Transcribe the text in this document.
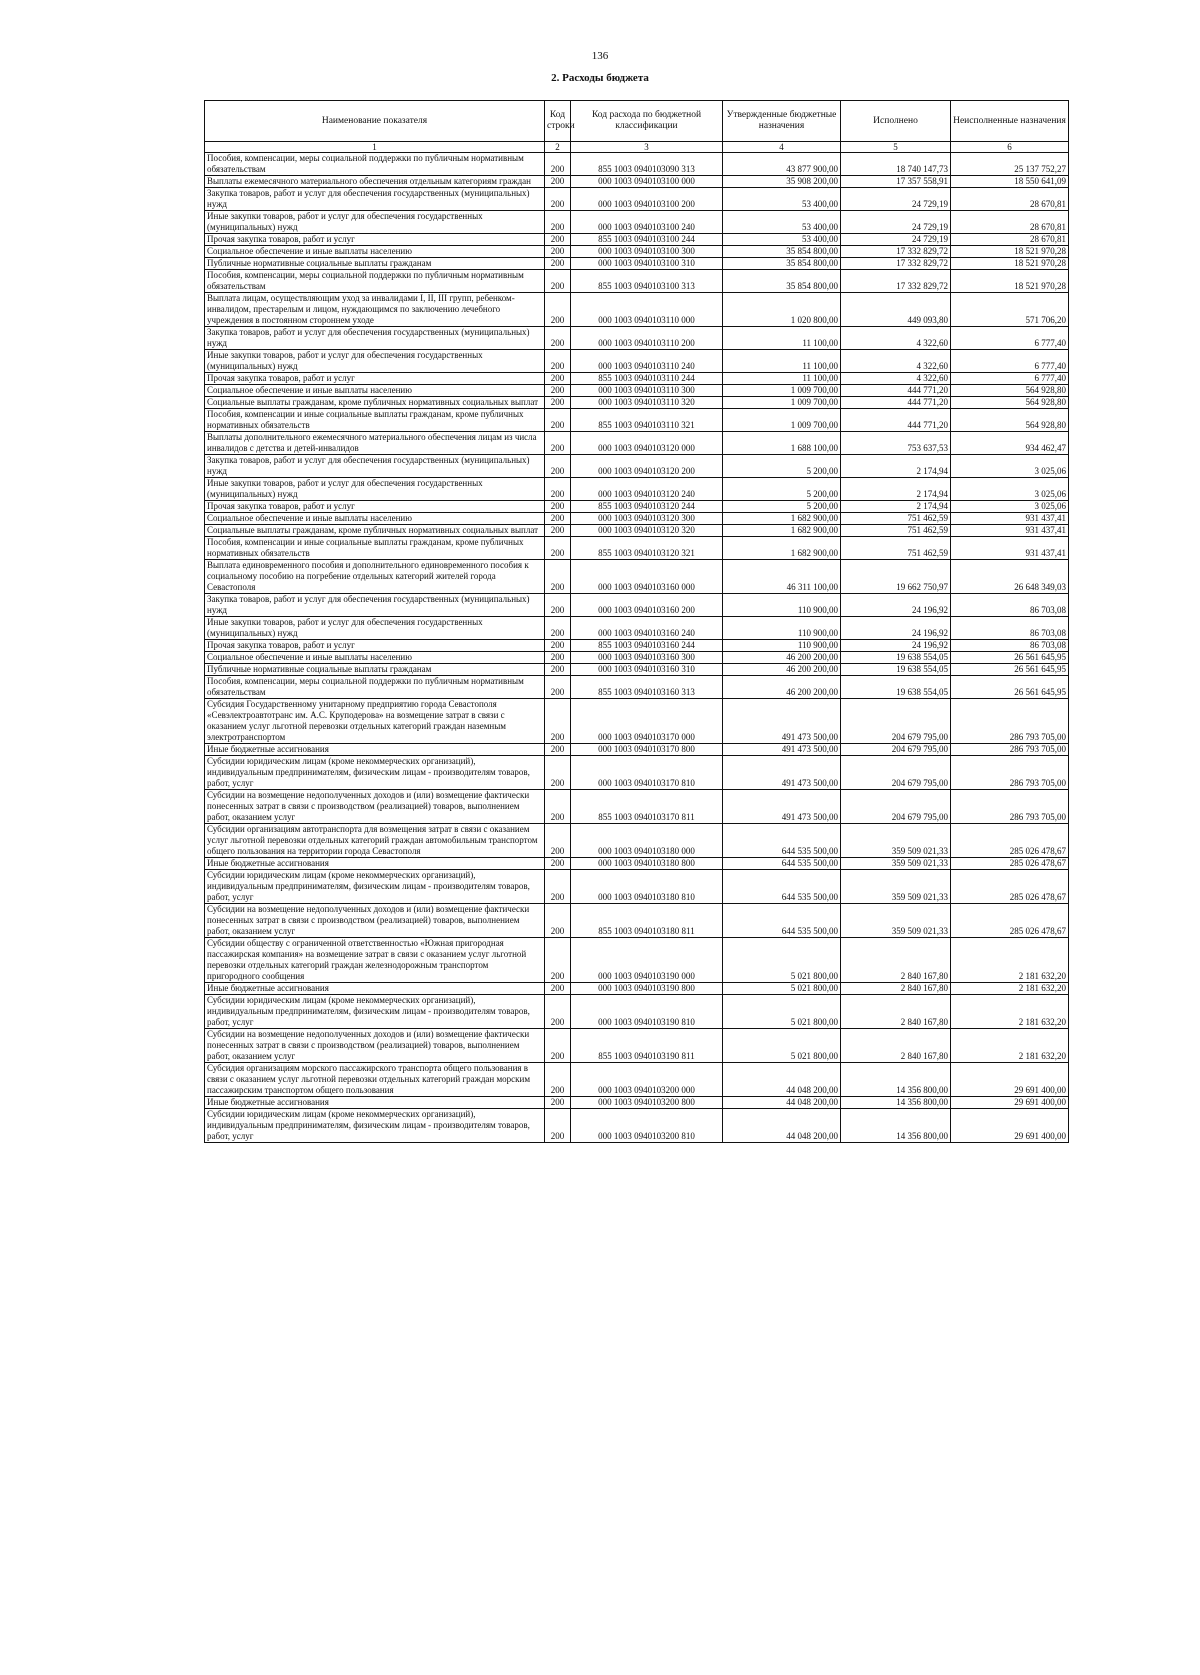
136
2. Расходы бюджета
Наименование показателя	Код строки	Код расхода по бюджетной классификации	Утвержденные бюджетные назначения	Исполнено	Неисполненные назначения
1	2	3	4	5	6
Пособия, компенсации, меры социальной поддержки по публичным нормативным обязательствам	200	855 1003 0940103090 313	43 877 900,00	18 740 147,73	25 137 752,27
Выплаты ежемесячного материального обеспечения отдельным категориям граждан	200	000 1003 0940103100 000	35 908 200,00	17 357 558,91	18 550 641,09
Закупка товаров, работ и услуг для обеспечения государственных (муниципальных) нужд	200	000 1003 0940103100 200	53 400,00	24 729,19	28 670,81
Иные закупки товаров, работ и услуг для обеспечения государственных (муниципальных) нужд	200	000 1003 0940103100 240	53 400,00	24 729,19	28 670,81
Прочая закупка товаров, работ и услуг	200	855 1003 0940103100 244	53 400,00	24 729,19	28 670,81
Социальное обеспечение и иные выплаты населению	200	000 1003 0940103100 300	35 854 800,00	17 332 829,72	18 521 970,28
Публичные нормативные социальные выплаты гражданам	200	000 1003 0940103100 310	35 854 800,00	17 332 829,72	18 521 970,28
Пособия, компенсации, меры социальной поддержки по публичным нормативным обязательствам	200	855 1003 0940103100 313	35 854 800,00	17 332 829,72	18 521 970,28
Выплата лицам, осуществляющим уход за инвалидами I, II, III групп, ребенком-инвалидом, престарелым и лицом, нуждающимся по заключению лечебного учреждения в постоянном стороннем уходе	200	000 1003 0940103110 000	1 020 800,00	449 093,80	571 706,20
Закупка товаров, работ и услуг для обеспечения государственных (муниципальных) нужд	200	000 1003 0940103110 200	11 100,00	4 322,60	6 777,40
Иные закупки товаров, работ и услуг для обеспечения государственных (муниципальных) нужд	200	000 1003 0940103110 240	11 100,00	4 322,60	6 777,40
Прочая закупка товаров, работ и услуг	200	855 1003 0940103110 244	11 100,00	4 322,60	6 777,40
Социальное обеспечение и иные выплаты населению	200	000 1003 0940103110 300	1 009 700,00	444 771,20	564 928,80
Социальные выплаты гражданам, кроме публичных нормативных социальных выплат	200	000 1003 0940103110 320	1 009 700,00	444 771,20	564 928,80
Пособия, компенсации и иные социальные выплаты гражданам, кроме публичных нормативных обязательств	200	855 1003 0940103110 321	1 009 700,00	444 771,20	564 928,80
Выплаты дополнительного ежемесячного материального обеспечения лицам из числа инвалидов с детства и детей-инвалидов	200	000 1003 0940103120 000	1 688 100,00	753 637,53	934 462,47
Закупка товаров, работ и услуг для обеспечения государственных (муниципальных) нужд	200	000 1003 0940103120 200	5 200,00	2 174,94	3 025,06
Иные закупки товаров, работ и услуг для обеспечения государственных (муниципальных) нужд	200	000 1003 0940103120 240	5 200,00	2 174,94	3 025,06
Прочая закупка товаров, работ и услуг	200	855 1003 0940103120 244	5 200,00	2 174,94	3 025,06
Социальное обеспечение и иные выплаты населению	200	000 1003 0940103120 300	1 682 900,00	751 462,59	931 437,41
Социальные выплаты гражданам, кроме публичных нормативных социальных выплат	200	000 1003 0940103120 320	1 682 900,00	751 462,59	931 437,41
Пособия, компенсации и иные социальные выплаты гражданам, кроме публичных нормативных обязательств	200	855 1003 0940103120 321	1 682 900,00	751 462,59	931 437,41
Выплата единовременного пособия и дополнительного единовременного пособия к социальному пособию на погребение отдельных категорий жителей города Севастополя	200	000 1003 0940103160 000	46 311 100,00	19 662 750,97	26 648 349,03
Закупка товаров, работ и услуг для обеспечения государственных (муниципальных) нужд	200	000 1003 0940103160 200	110 900,00	24 196,92	86 703,08
Иные закупки товаров, работ и услуг для обеспечения государственных (муниципальных) нужд	200	000 1003 0940103160 240	110 900,00	24 196,92	86 703,08
Прочая закупка товаров, работ и услуг	200	855 1003 0940103160 244	110 900,00	24 196,92	86 703,08
Социальное обеспечение и иные выплаты населению	200	000 1003 0940103160 300	46 200 200,00	19 638 554,05	26 561 645,95
Публичные нормативные социальные выплаты гражданам	200	000 1003 0940103160 310	46 200 200,00	19 638 554,05	26 561 645,95
Пособия, компенсации, меры социальной поддержки по публичным нормативным обязательствам	200	855 1003 0940103160 313	46 200 200,00	19 638 554,05	26 561 645,95
Субсидия Государственному унитарному предприятию города Севастополя «Севэлектроавтотранс им. А.С. Круподерова» на возмещение затрат в связи с оказанием услуг льготной перевозки отдельных категорий граждан наземным электротранспортом	200	000 1003 0940103170 000	491 473 500,00	204 679 795,00	286 793 705,00
Иные бюджетные ассигнования	200	000 1003 0940103170 800	491 473 500,00	204 679 795,00	286 793 705,00
Субсидии юридическим лицам (кроме некоммерческих организаций), индивидуальным предпринимателям, физическим лицам - производителям товаров, работ, услуг	200	000 1003 0940103170 810	491 473 500,00	204 679 795,00	286 793 705,00
Субсидии на возмещение недополученных доходов и (или) возмещение фактически понесенных затрат в связи с производством (реализацией) товаров, выполнением работ, оказанием услуг	200	855 1003 0940103170 811	491 473 500,00	204 679 795,00	286 793 705,00
Субсидии организациям автотранспорта для возмещения затрат в связи с оказанием услуг льготной перевозки отдельных категорий граждан автомобильным транспортом общего пользования на территории города Севастополя	200	000 1003 0940103180 000	644 535 500,00	359 509 021,33	285 026 478,67
Иные бюджетные ассигнования	200	000 1003 0940103180 800	644 535 500,00	359 509 021,33	285 026 478,67
Субсидии юридическим лицам (кроме некоммерческих организаций), индивидуальным предпринимателям, физическим лицам - производителям товаров, работ, услуг	200	000 1003 0940103180 810	644 535 500,00	359 509 021,33	285 026 478,67
Субсидии на возмещение недополученных доходов и (или) возмещение фактически понесенных затрат в связи с производством (реализацией) товаров, выполнением работ, оказанием услуг	200	855 1003 0940103180 811	644 535 500,00	359 509 021,33	285 026 478,67
Субсидии обществу с ограниченной ответственностью «Южная пригородная пассажирская компания» на возмещение затрат в связи с оказанием услуг льготной перевозки отдельных категорий граждан железнодорожным транспортом пригородного сообщения	200	000 1003 0940103190 000	5 021 800,00	2 840 167,80	2 181 632,20
Иные бюджетные ассигнования	200	000 1003 0940103190 800	5 021 800,00	2 840 167,80	2 181 632,20
Субсидии юридическим лицам (кроме некоммерческих организаций), индивидуальным предпринимателям, физическим лицам - производителям товаров, работ, услуг	200	000 1003 0940103190 810	5 021 800,00	2 840 167,80	2 181 632,20
Субсидии на возмещение недополученных доходов и (или) возмещение фактически понесенных затрат в связи с производством (реализацией) товаров, выполнением работ, оказанием услуг	200	855 1003 0940103190 811	5 021 800,00	2 840 167,80	2 181 632,20
Субсидия организациям морского пассажирского транспорта общего пользования в связи с оказанием услуг льготной перевозки отдельных категорий граждан морским пассажирским транспортом общего пользования	200	000 1003 0940103200 000	44 048 200,00	14 356 800,00	29 691 400,00
Иные бюджетные ассигнования	200	000 1003 0940103200 800	44 048 200,00	14 356 800,00	29 691 400,00
Субсидии юридическим лицам (кроме некоммерческих организаций), индивидуальным предпринимателям, физическим лицам - производителям товаров, работ, услуг	200	000 1003 0940103200 810	44 048 200,00	14 356 800,00	29 691 400,00
